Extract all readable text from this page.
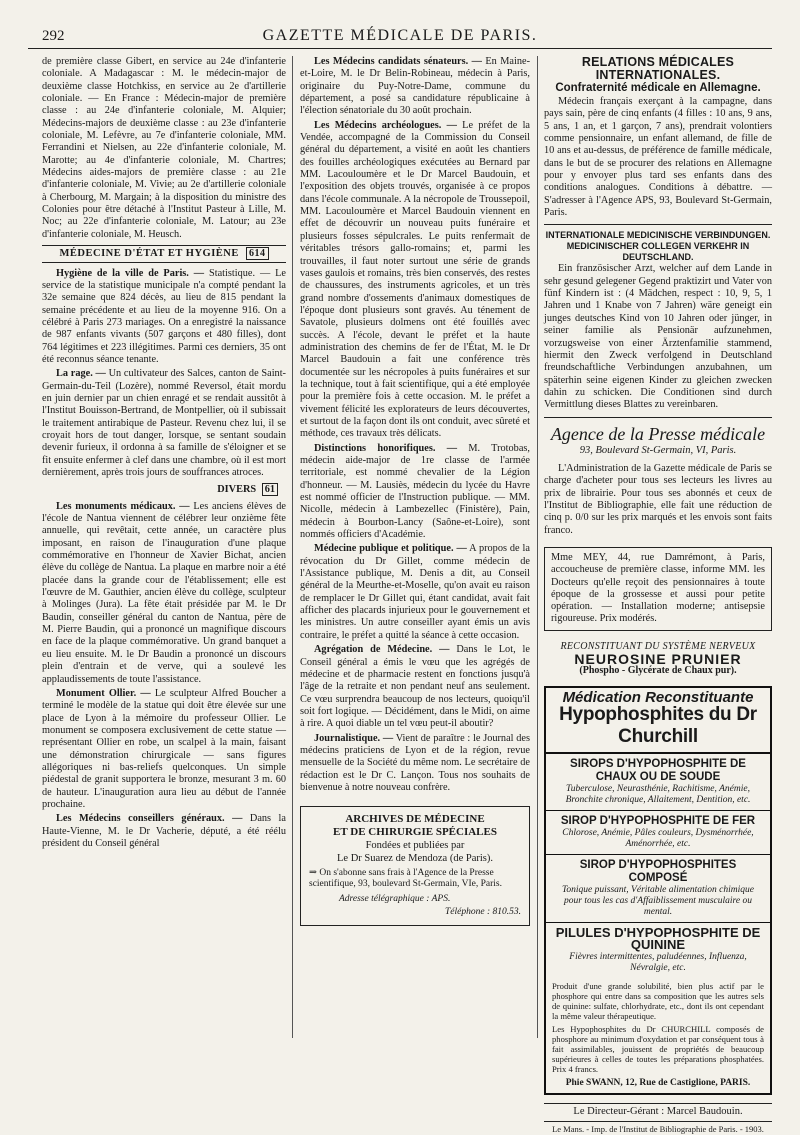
292	GAZETTE MÉDICALE DE PARIS.

de première classe Gibert, en service au 24e d'infanterie coloniale. A Madagascar : M. le médecin-major de deuxième classe Hotchkiss, en service au 2e d'artillerie coloniale. — En France : Médecin-major de première classe : au 24e d'infanterie coloniale, M. Alquier; Médecins-majors de deuxième classe : au 23e d'infanterie coloniale, M. Lefèvre, au 7e d'infanterie coloniale, MM. Ferrandini et Nielsen, au 22e d'infanterie coloniale, M. Marotte; au 4e d'infanterie coloniale, M. Chartres; Médecins aides-majors de première classe : au 21e d'infanterie coloniale, M. Vivie; au 2e d'artillerie coloniale à Cherbourg, M. Margain; à la disposition du ministre des Colonies pour être détaché à l'Institut Pasteur à Lille, M. Noc; au 22e d'infanterie coloniale, M. Latour; au 23e d'infanterie coloniale, M. Heusch.

MÉDECINE D'ÉTAT ET HYGIÈNE 614

Hygiène de la ville de Paris. — Statistique. — Le service de la statistique municipale n'a compté pendant la 32e semaine que 824 décès, au lieu de 815 pendant la semaine précédente et au lieu de la moyenne 916. On a célébré à Paris 273 mariages. On a enregistré la naissance de 987 enfants vivants (507 garçons et 480 filles), dont 764 légitimes et 223 illégitimes. Parmi ces derniers, 35 ont été reconnus séance tenante.

La rage. — Un cultivateur des Salces, canton de Saint-Germain-du-Teil (Lozère), nommé Reversol, était mordu en juin dernier par un chien enragé et se rendait aussitôt à l'Institut Bouisson-Bertrand, de Montpellier, où il subissait le traitement antirabique de Pasteur. Revenu chez lui, il se croyait hors de tout danger, lorsque, se sentant soudain devenir furieux, il ordonna à sa famille de s'éloigner et se fit ensuite enfermer à clef dans une chambre, où il est mort dernièrement, après trois jours de souffrances atroces.

DIVERS 61

Les monuments médicaux. — Les anciens élèves de l'école de Nantua viennent de célébrer leur onzième fête annuelle, qui revêtait, cette année, un caractère plus imposant, en raison de l'inauguration d'une plaque commémorative en l'honneur de Xavier Bichat, ancien élève du collège de Nantua. La plaque en marbre noir a été placée dans la grande cour de l'établissement; elle est l'œuvre de M. Gauthier, ancien élève du collège, sculpteur à Molinges (Jura). La fête était présidée par M. le Dr Baudin, conseiller général du canton de Nantua, père de M. Pierre Baudin, qui a prononcé un magnifique discours en face de la plaque commémorative. Un grand banquet a eu lieu ensuite. M. le Dr Baudin a prononcé un discours plein d'entrain et de verve, qui a soulevé les applaudissements de toute l'assistance.

Monument Ollier. — Le sculpteur Alfred Boucher a terminé le modèle de la statue qui doit être élevée sur une place de Lyon à la mémoire du professeur Ollier. Le monument se composera exclusivement de cette statue — représentant Ollier en robe, un scalpel à la main, faisant une démonstration chirurgicale — sans figures allégoriques ni bas-reliefs quelconques. Un simple piédestal de granit supportera le bronze, mesurant 3 m. 60 de hauteur. L'inauguration aura lieu au début de l'année prochaine.

Les Médecins conseillers généraux. — Dans la Haute-Vienne, M. le Dr Vacherie, député, a été réélu président du Conseil général

Les Médecins candidats sénateurs. — En Maine-et-Loire, M. le Dr Belin-Robineau, médecin à Paris, originaire du Puy-Notre-Dame, commune du département, a posé sa candidature républicaine à l'élection sénatoriale du 30 août prochain.

Les Médecins archéologues. — Le préfet de la Vendée, accompagné de la Commission du Conseil général du département, a visité en août les chantiers des fouilles archéologiques exécutées au Bernard par MM. Lacouloumère et le Dr Marcel Baudouin, et l'exposition des objets trouvés, organisée à ce propos dans l'école communale. A la nécropole de Troussepoil, MM. Lacouloumère et Marcel Baudouin viennent en effet de découvrir un nouveau puits funéraire et plusieurs fosses sépulcrales. Le puits renfermait de véritables trésors gallo-romains; et, parmi les trouvailles, il faut noter surtout une série de grands vases gaulois et romains, très bien conservés, des restes de chaussures, des instruments agricoles, et un très grand nombre d'ossements d'animaux domestiques de l'époque dont plusieurs sont gravés. Au ténement de Savatole, plusieurs dolmens ont été fouillés avec succès. A l'école, devant le préfet et la haute administration des chemins de fer de l'État, M. le Dr Marcel Baudouin a fait une conférence très documentée sur les nécropoles à puits funéraires et sur la technique, tout à fait scientifique, qui a été employée pour la première fois à cette occasion. M. le préfet a vivement félicité les explorateurs de leurs découvertes, et surtout de la façon dont ils ont conduit, avec sûreté et méthode, ces travaux très délicats.

Distinctions honorifiques. — M. Trotobas, médecin aide-major de 1re classe de l'armée territoriale, est nommé chevalier de la Légion d'honneur. — M. Lausiès, médecin du lycée du Havre est nommé officier de l'Instruction publique. — MM. Nicolle, médecin à Lambezellec (Finistère), Pain, médecin à Bourbon-Lancy (Saône-et-Loire), sont nommés officiers d'Académie.

Médecine publique et politique. — A propos de la révocation du Dr Gillet, comme médecin de l'Assistance publique, M. Denis a dit, au Conseil général de la Meurthe-et-Moselle, qu'on avait eu raison de remplacer le Dr Gillet qui, étant candidat, avait fait afficher des placards injurieux pour le gouvernement et les ministres. Un autre conseiller ayant émis un avis contraire, le préfet a quitté la séance à cette occasion.

Agrégation de Médecine. — Dans le Lot, le Conseil général a émis le vœu que les agrégés de médecine et de pharmacie restent en fonctions jusqu'à l'âge de la retraite et non pendant neuf ans seulement. Ce vœu surprendra beaucoup de nos lecteurs, quoiqu'il soit fort logique. — Décidément, dans le Midi, on aime à rire. A quoi diable un tel vœu peut-il aboutir?

Journalistique. — Vient de paraître : le Journal des médecins praticiens de Lyon et de la région, revue mensuelle de la Société du même nom. Le secrétaire de rédaction est le Dr C. Lançon. Tous nos souhaits de bienvenue à notre nouveau confrère.

ARCHIVES DE MÉDECINE
ET DE CHIRURGIE SPÉCIALES
Fondées et publiées par
Le Dr Suarez de Mendoza (de Paris).
⇒ On s'abonne sans frais à l'Agence de la Presse scientifique, 93, boulevard St-Germain, VIe, Paris.
Adresse télégraphique : APS.
Téléphone : 810.53.
RELATIONS MÉDICALES INTERNATIONALES.
Confraternité médicale en Allemagne.

Médecin français exerçant à la campagne, dans pays sain, père de cinq enfants (4 filles : 10 ans, 9 ans, 5 ans, 1 an, et 1 garçon, 7 ans), prendrait volontiers comme pensionnaire, un enfant allemand, de fille de 10 ans et au-dessus, de préférence de famille médicale, dans le but de se procurer des relations en Allemagne pour y envoyer plus tard ses enfants dans des conditions analogues. Conditions à débattre. — S'adresser à l'Agence APS, 93, Boulevard St-Germain, Paris.

INTERNATIONALE MEDICINISCHE VERBINDUNGEN.
MEDICINISCHER COLLEGEN VERKEHR IN DEUTSCHLAND.

Ein französischer Arzt, welcher auf dem Lande in sehr gesund gelegener Gegend praktizirt und Vater von fünf Kindern ist : (4 Mädchen, respect : 10, 9, 5, 1 Jahren und 1 Knabe von 7 Jahren) wäre geneigt ein junges deutsches Kind von 10 Jahren oder jünger, in seiner familie als Pensionär aufzunehmen, vorzugsweise von einer Ärztenfamilie stammend, hiermit den Zweck verfolgend in Deutschland freundschaftliche Verbindungen anzubahnen, um späterhin seine eigenen Kinder zu gleichen zwecken dahin zu schicken. Die Conditionen sind durch Vermittlung dieses Blattes zu vereinbaren.

Agence de la Presse médicale
93, Boulevard St-Germain, VI, Paris.

L'Administration de la Gazette médicale de Paris se charge d'acheter pour tous ses lecteurs les livres au prix de librairie. Pour tous ses abonnés et ceux de l'Institut de Bibliographie, elle fait une réduction de cinq p. 0/0 sur les prix marqués et les envois sont faits franco.

Mme MEY, 44, rue Damrémont, à Paris, accoucheuse de première classe, informe MM. les Docteurs qu'elle reçoit des pensionnaires à toute époque de la grossesse et aussi pour petite opération. — Installation moderne; antisepsie rigoureuse. Prix modérés.
RECONSTITUANT DU SYSTÈME NERVEUX
NEUROSINE PRUNIER
(Phospho - Glycérate de Chaux pur).
Médication Reconstituante
Hypophosphites du Dr Churchill
SIROPS D'HYPOPHOSPHITE DE CHAUX OU DE SOUDE
Tuberculose, Neurasthénie, Rachitisme, Anémie, Bronchite chronique, Allaitement, Dentition, etc.
SIROP D'HYPOPHOSPHITE DE FER
Chlorose, Anémie, Pâles couleurs, Dysménorrhée, Aménorrhée, etc.
SIROP D'HYPOPHOSPHITES COMPOSÉ
Tonique puissant, Véritable alimentation chimique pour tous les cas d'Affaiblissement musculaire ou mental.
PILULES D'HYPOPHOSPHITE DE QUININE
Fièvres intermittentes, paludéennes, Influenza, Névralgie, etc.
Produit d'une grande solubilité, bien plus actif par le phosphore qui entre dans sa composition que les autres sels de quinine: sulfate, chlorhydrate, etc., dont ils ont cependant la même valeur thérapeutique.
Les Hypophosphites du Dr CHURCHILL composés de phosphore au minimum d'oxydation et par conséquent tous à fait assimilables, jouissent de propriétés de beaucoup supérieures à celles de toutes les préparations phosphatées. Prix 4 francs.
Phie SWANN, 12, Rue de Castiglione, PARIS.
Le Directeur-Gérant : Marcel Baudouin.
Le Mans. - Imp. de l'Institut de Bibliographie de Paris. - 1903.
